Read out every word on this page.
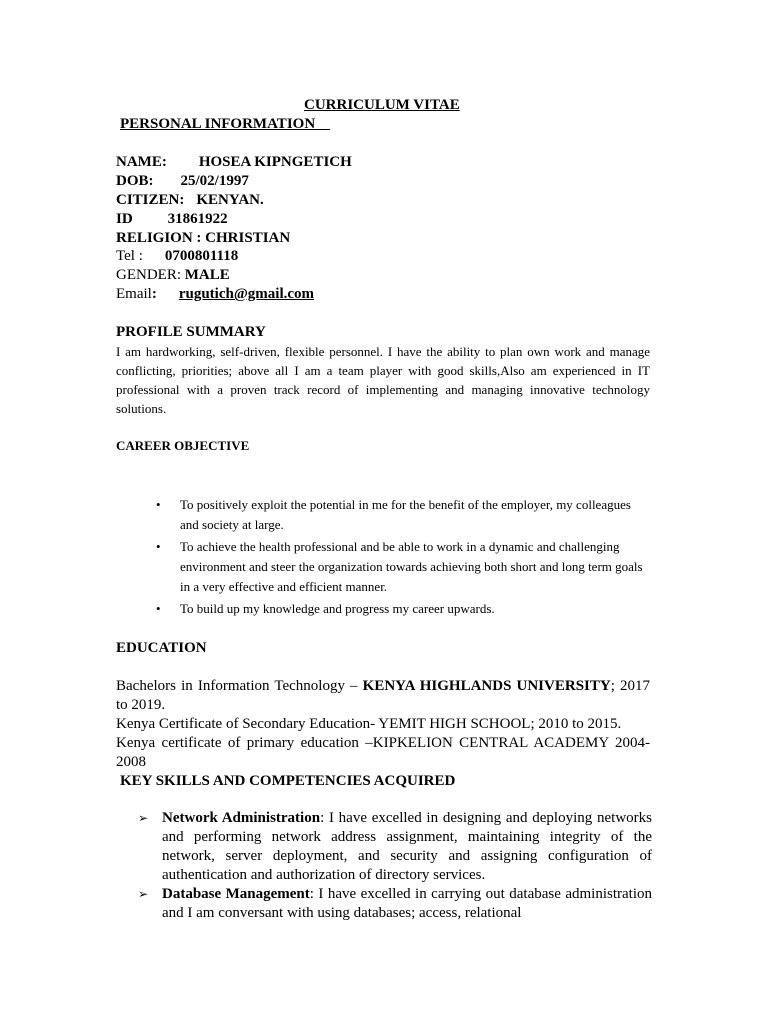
CURRICULUM VITAE
PERSONAL INFORMATION
NAME: HOSEA KIPNGETICH
DOB: 25/02/1997
CITIZEN: KENYAN.
ID 31861922
RELIGION : CHRISTIAN
Tel : 0700801118
GENDER: MALE
Email: rugutich@gmail.com
PROFILE SUMMARY
I am hardworking, self-driven, flexible personnel. I have the ability to plan own work and manage conflicting, priorities; above all I am a team player with good skills,Also am experienced in IT professional with a proven track record of implementing and managing innovative technology solutions.
CAREER OBJECTIVE
• To positively exploit the potential in me for the benefit of the employer, my colleagues and society at large.
• To achieve the health professional and be able to work in a dynamic and challenging environment and steer the organization towards achieving both short and long term goals in a very effective and efficient manner.
• To build up my knowledge and progress my career upwards.
EDUCATION
Bachelors in Information Technology – KENYA HIGHLANDS UNIVERSITY; 2017 to 2019.
Kenya Certificate of Secondary Education- YEMIT HIGH SCHOOL; 2010 to 2015.
Kenya certificate of primary education –KIPKELION CENTRAL ACADEMY 2004-2008
KEY SKILLS AND COMPETENCIES ACQUIRED
➢ Network Administration: I have excelled in designing and deploying networks and performing network address assignment, maintaining integrity of the network, server deployment, and security and assigning configuration of authentication and authorization of directory services.
➢ Database Management: I have excelled in carrying out database administration and I am conversant with using databases; access, relational
